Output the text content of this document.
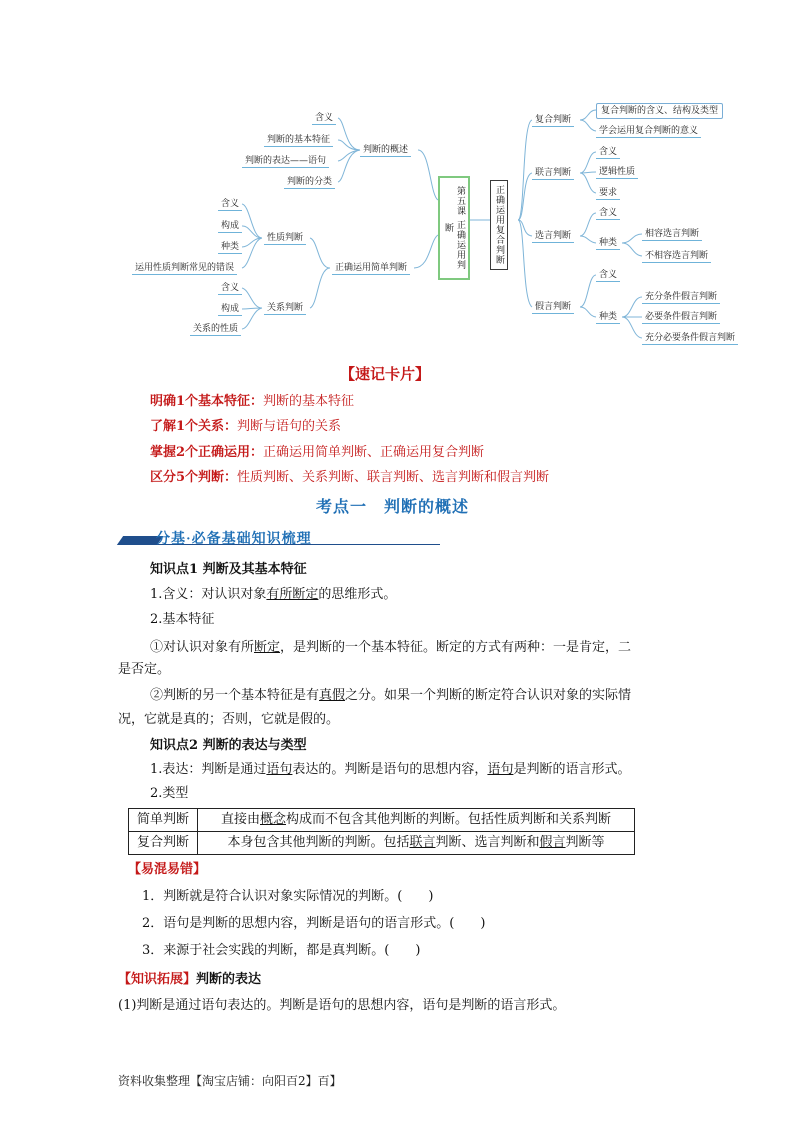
含义
判断的基本特征
判断的表达——语句
判断的分类
判断的概述
正确运用简单判断
性质判断
含义
构成
种类
运用性质判断常见的错误
关系判断
含义
构成
关系的性质
第五课 正确运用判断	正确运用复合判断
复合判断
复合判断的含义、结构及类型
学会运用复合判断的意义
联言判断
含义
逻辑性质
要求
选言判断
含义
种类
相容选言判断
不相容选言判断
假言判断
含义
种类
充分条件假言判断
必要条件假言判断
充分必要条件假言判断
【速记卡片】
明确1个基本特征：判断的基本特征
了解1个关系：判断与语句的关系
掌握2个正确运用：正确运用简单判断、正确运用复合判断
区分5个判断：性质判断、关系判断、联言判断、选言判断和假言判断
考点一　判断的概述
分基·必备基础知识梳理
知识点1 判断及其基本特征
1.含义：对认识对象有所断定的思维形式。
2.基本特征
①对认识对象有所断定，是判断的一个基本特征。断定的方式有两种：一是肯定，二
是否定。
②判断的另一个基本特征是有真假之分。如果一个判断的断定符合认识对象的实际情
况，它就是真的；否则，它就是假的。
知识点2 判断的表达与类型
1.表达：判断是通过语句表达的。判断是语句的思想内容，语句是判断的语言形式。
2.类型
简单判断	直接由概念构成而不包含其他判断的判断。包括性质判断和关系判断
复合判断	本身包含其他判断的判断。包括联言判断、选言判断和假言判断等
【易混易错】
1．判断就是符合认识对象实际情况的判断。(　　)
2．语句是判断的思想内容，判断是语句的语言形式。(　　)
3．来源于社会实践的判断，都是真判断。(　　)
【知识拓展】判断的表达
(1)判断是通过语句表达的。判断是语句的思想内容，语句是判断的语言形式。
资料收集整理【淘宝店铺：向阳百2】百】
